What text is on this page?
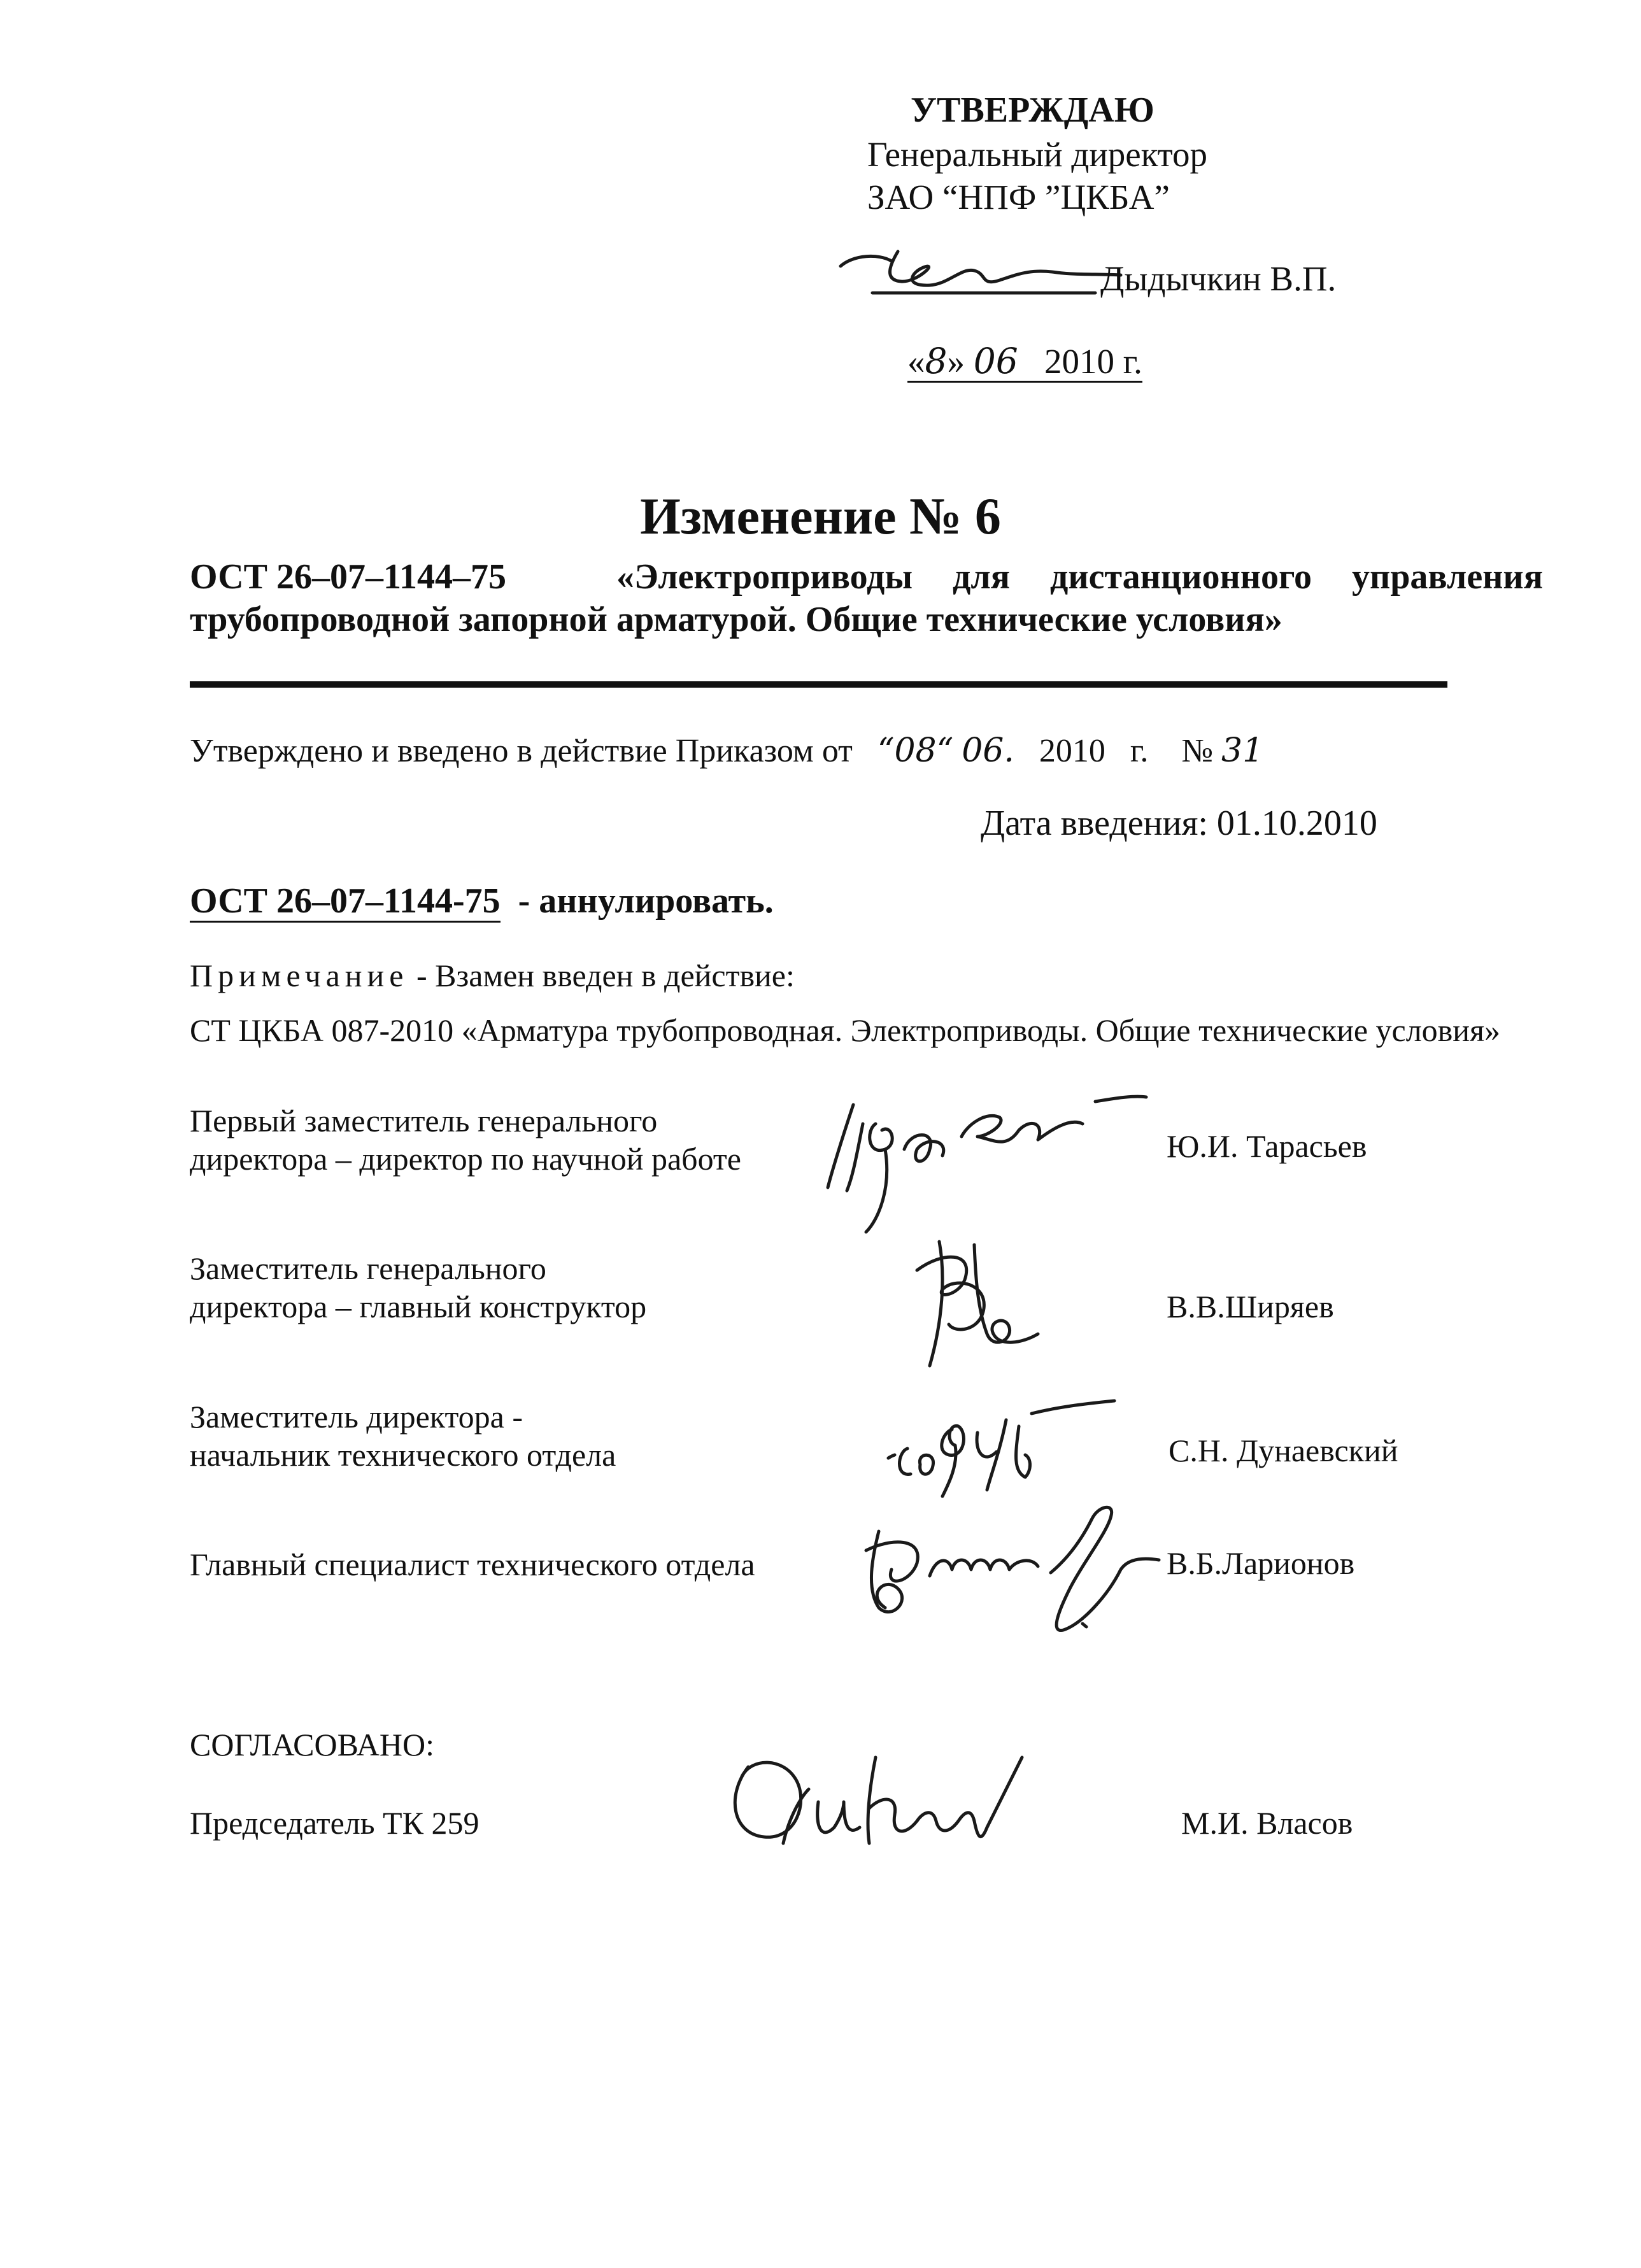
УТВЕРЖДАЮ
Генеральный директор
ЗАО “НПФ ”ЦКБА”
Дыдычкин В.П.
«8» 06 2010 г.
Изменение № 6
ОСТ 26–07–1144–75	«Электроприводы для дистанционного управления
трубопроводной запорной арматурой. Общие технические условия»
Утверждено и введено в действие Приказом от “08“ 06. 2010 г. № 31
Дата введения: 01.10.2010
ОСТ 26–07–1144-75 - аннулировать.
Примечание - Взамен введен в действие:
СТ ЦКБА 087-2010 «Арматура трубопроводная. Электроприводы. Общие технические условия»
Первый заместитель генерального
директора – директор по научной работе	Ю.И. Тарасьев
Заместитель генерального
директора – главный конструктор	В.В.Ширяев
Заместитель директора -
начальник технического отдела	С.Н. Дунаевский
Главный специалист технического отдела	В.Б.Ларионов
СОГЛАСОВАНО:
Председатель ТК 259	М.И. Власов
